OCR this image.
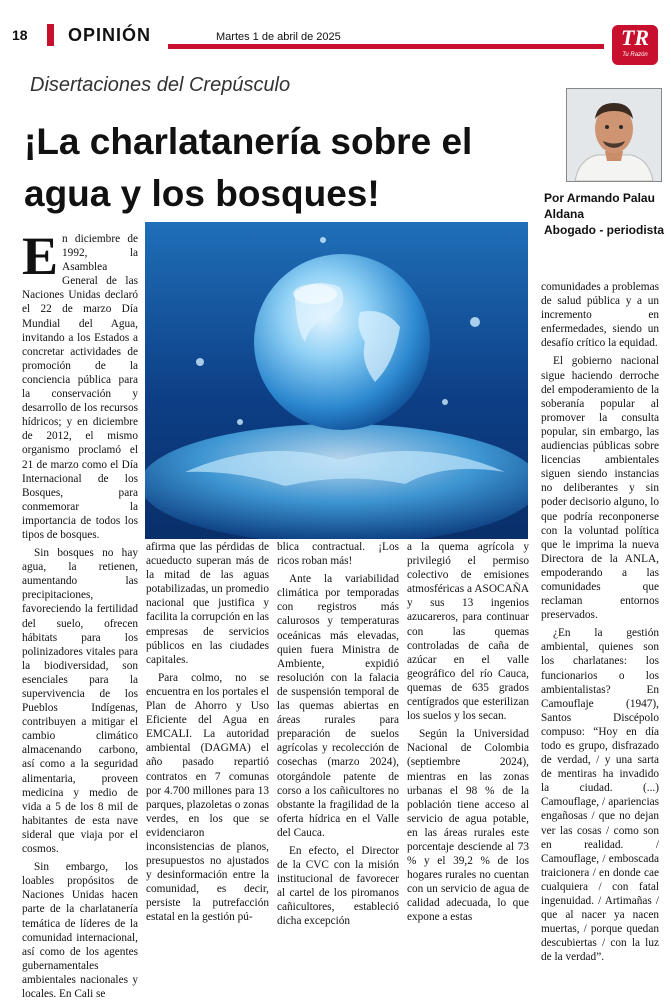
18 OPINIÓN	Martes 1 de abril de 2025	TR
Tu Razón
Disertaciones del Crepúsculo
¡La charlatanería sobre el agua y los bosques!	Por Armando Palau Aldana
Abogado - periodista

En diciembre de 1992, la Asamblea General de las Naciones Unidas declaró el 22 de marzo Día Mundial del Agua, invitando a los Estados a concretar actividades de promoción de la conciencia pública para la conservación y desarrollo de los recursos hídricos; y en diciembre de 2012, el mismo organismo proclamó el 21 de marzo como el Día Internacional de los Bosques, para conmemorar la importancia de todos los tipos de bosques.

Sin bosques no hay agua, la retienen, aumentando las precipitaciones, favoreciendo la fertilidad del suelo, ofrecen hábitats para los polinizadores vitales para la biodiversidad, son esenciales para la supervivencia de los Pueblos Indígenas, contribuyen a mitigar el cambio climático almacenando carbono, así como a la seguridad alimentaria, proveen medicina y medio de vida a 5 de los 8 mil de habitantes de esta nave sideral que viaja por el cosmos.

Sin embargo, los loables propósitos de Naciones Unidas hacen parte de la charlatanería temática de líderes de la comunidad internacional, así como de los agentes gubernamentales ambientales nacionales y locales. En Cali se

afirma que las pérdidas de acueducto superan más de la mitad de las aguas potabilizadas, un promedio nacional que justifica y facilita la corrupción en las empresas de servicios públicos en las ciudades capitales.

Para colmo, no se encuentra en los portales el Plan de Ahorro y Uso Eficiente del Agua en EMCALI. La autoridad ambiental (DAGMA) el año pasado repartió contratos en 7 comunas por 4.700 millones para 13 parques, plazoletas o zonas verdes, en los que se evidenciaron inconsistencias de planos, presupuestos no ajustados y desinformación entre la comunidad, es decir, persiste la putrefacción estatal en la gestión pú-

blica contractual. ¡Los ricos roban más!

Ante la variabilidad climática por temporadas con registros más calurosos y temperaturas oceánicas más elevadas, quien fuera Ministra de Ambiente, expidió resolución con la falacia de suspensión temporal de las quemas abiertas en áreas rurales para preparación de suelos agrícolas y recolección de cosechas (marzo 2024), otorgándole patente de corso a los cañicultores no obstante la fragilidad de la oferta hídrica en el Valle del Cauca.

En efecto, el Director de la CVC con la misión institucional de favorecer al cartel de los piromanos cañicultores, estableció dicha excepción

a la quema agrícola y privilegió el permiso colectivo de emisiones atmosféricas a ASOCAÑA y sus 13 ingenios azucareros, para continuar con las quemas controladas de caña de azúcar en el valle geográfico del río Cauca, quemas de 635 grados centígrados que esterilizan los suelos y los secan.

Según la Universidad Nacional de Colombia (septiembre 2024), mientras en las zonas urbanas el 98 % de la población tiene acceso al servicio de agua potable, en las áreas rurales este porcentaje desciende al 73 % y el 39,2 % de los hogares rurales no cuentan con un servicio de agua de calidad adecuada, lo que expone a estas

comunidades a problemas de salud pública y a un incremento en enfermedades, siendo un desafío crítico la equidad.

El gobierno nacional sigue haciendo derroche del empoderamiento de la soberanía popular al promover la consulta popular, sin embargo, las audiencias públicas sobre licencias ambientales siguen siendo instancias no deliberantes y sin poder decisorio alguno, lo que podría reconponerse con la voluntad política que le imprima la nueva Directora de la ANLA, empoderando a las comunidades que reclaman entornos preservados.

¿En la gestión ambiental, quienes son los charlatanes: los funcionarios o los ambientalistas? En Camouflaje (1947), Santos Discépolo compuso: “Hoy en día todo es grupo, disfrazado de verdad, / y una sarta de mentiras ha invadido la ciudad. (...) Camouflage, / apariencias engañosas / que no dejan ver las cosas / como son en realidad. / Camouflage, / emboscada traicionera / en donde cae cualquiera / con fatal ingenuidad. / Artimañas / que al nacer ya nacen muertas, / porque quedan descubiertas / con la luz de la verdad”.
